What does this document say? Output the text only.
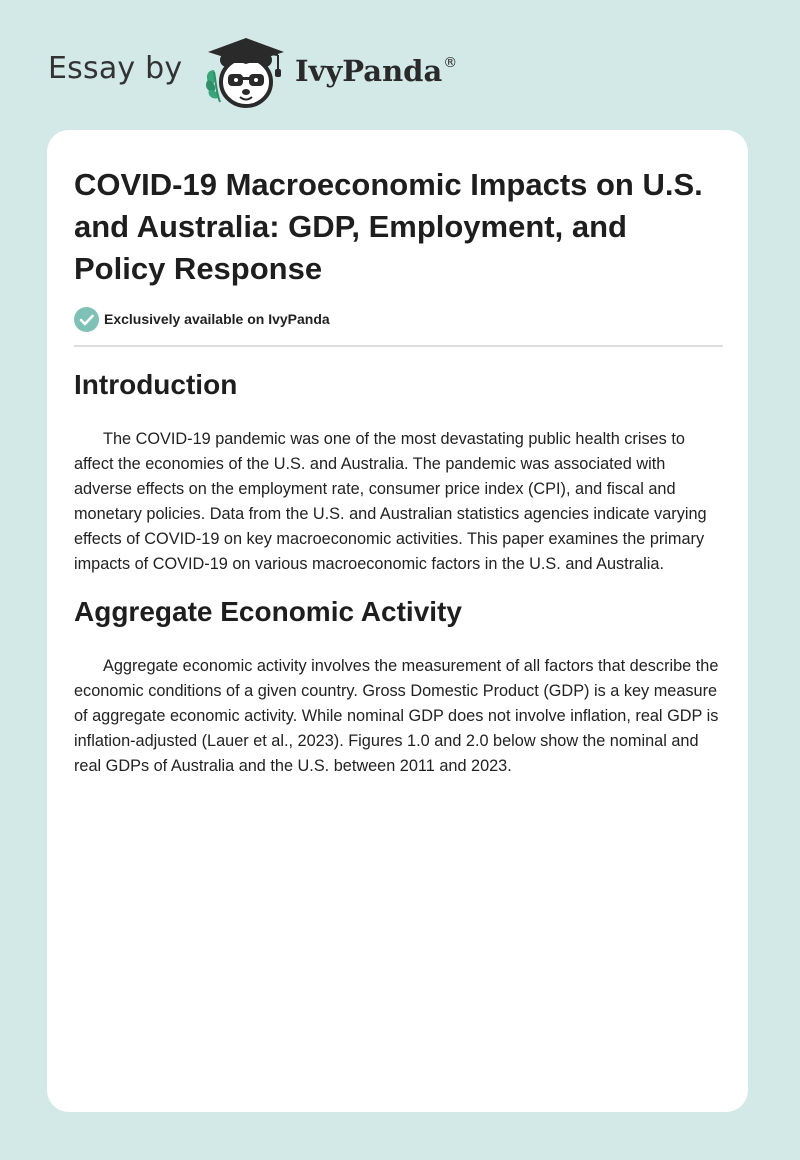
Essay by	IvyPanda®
COVID-19 Macroeconomic Impacts on U.S. and Australia: GDP, Employment, and Policy Response
Exclusively available on IvyPanda
Introduction

The COVID-19 pandemic was one of the most devastating public health crises to affect the economies of the U.S. and Australia. The pandemic was associated with adverse effects on the employment rate, consumer price index (CPI), and fiscal and monetary policies. Data from the U.S. and Australian statistics agencies indicate varying effects of COVID-19 on key macroeconomic activities. This paper examines the primary impacts of COVID-19 on various macroeconomic factors in the U.S. and Australia.

Aggregate Economic Activity

Aggregate economic activity involves the measurement of all factors that describe the economic conditions of a given country. Gross Domestic Product (GDP) is a key measure of aggregate economic activity. While nominal GDP does not involve inflation, real GDP is inflation-adjusted (Lauer et al., 2023). Figures 1.0 and 2.0 below show the nominal and real GDPs of Australia and the U.S. between 2011 and 2023.
